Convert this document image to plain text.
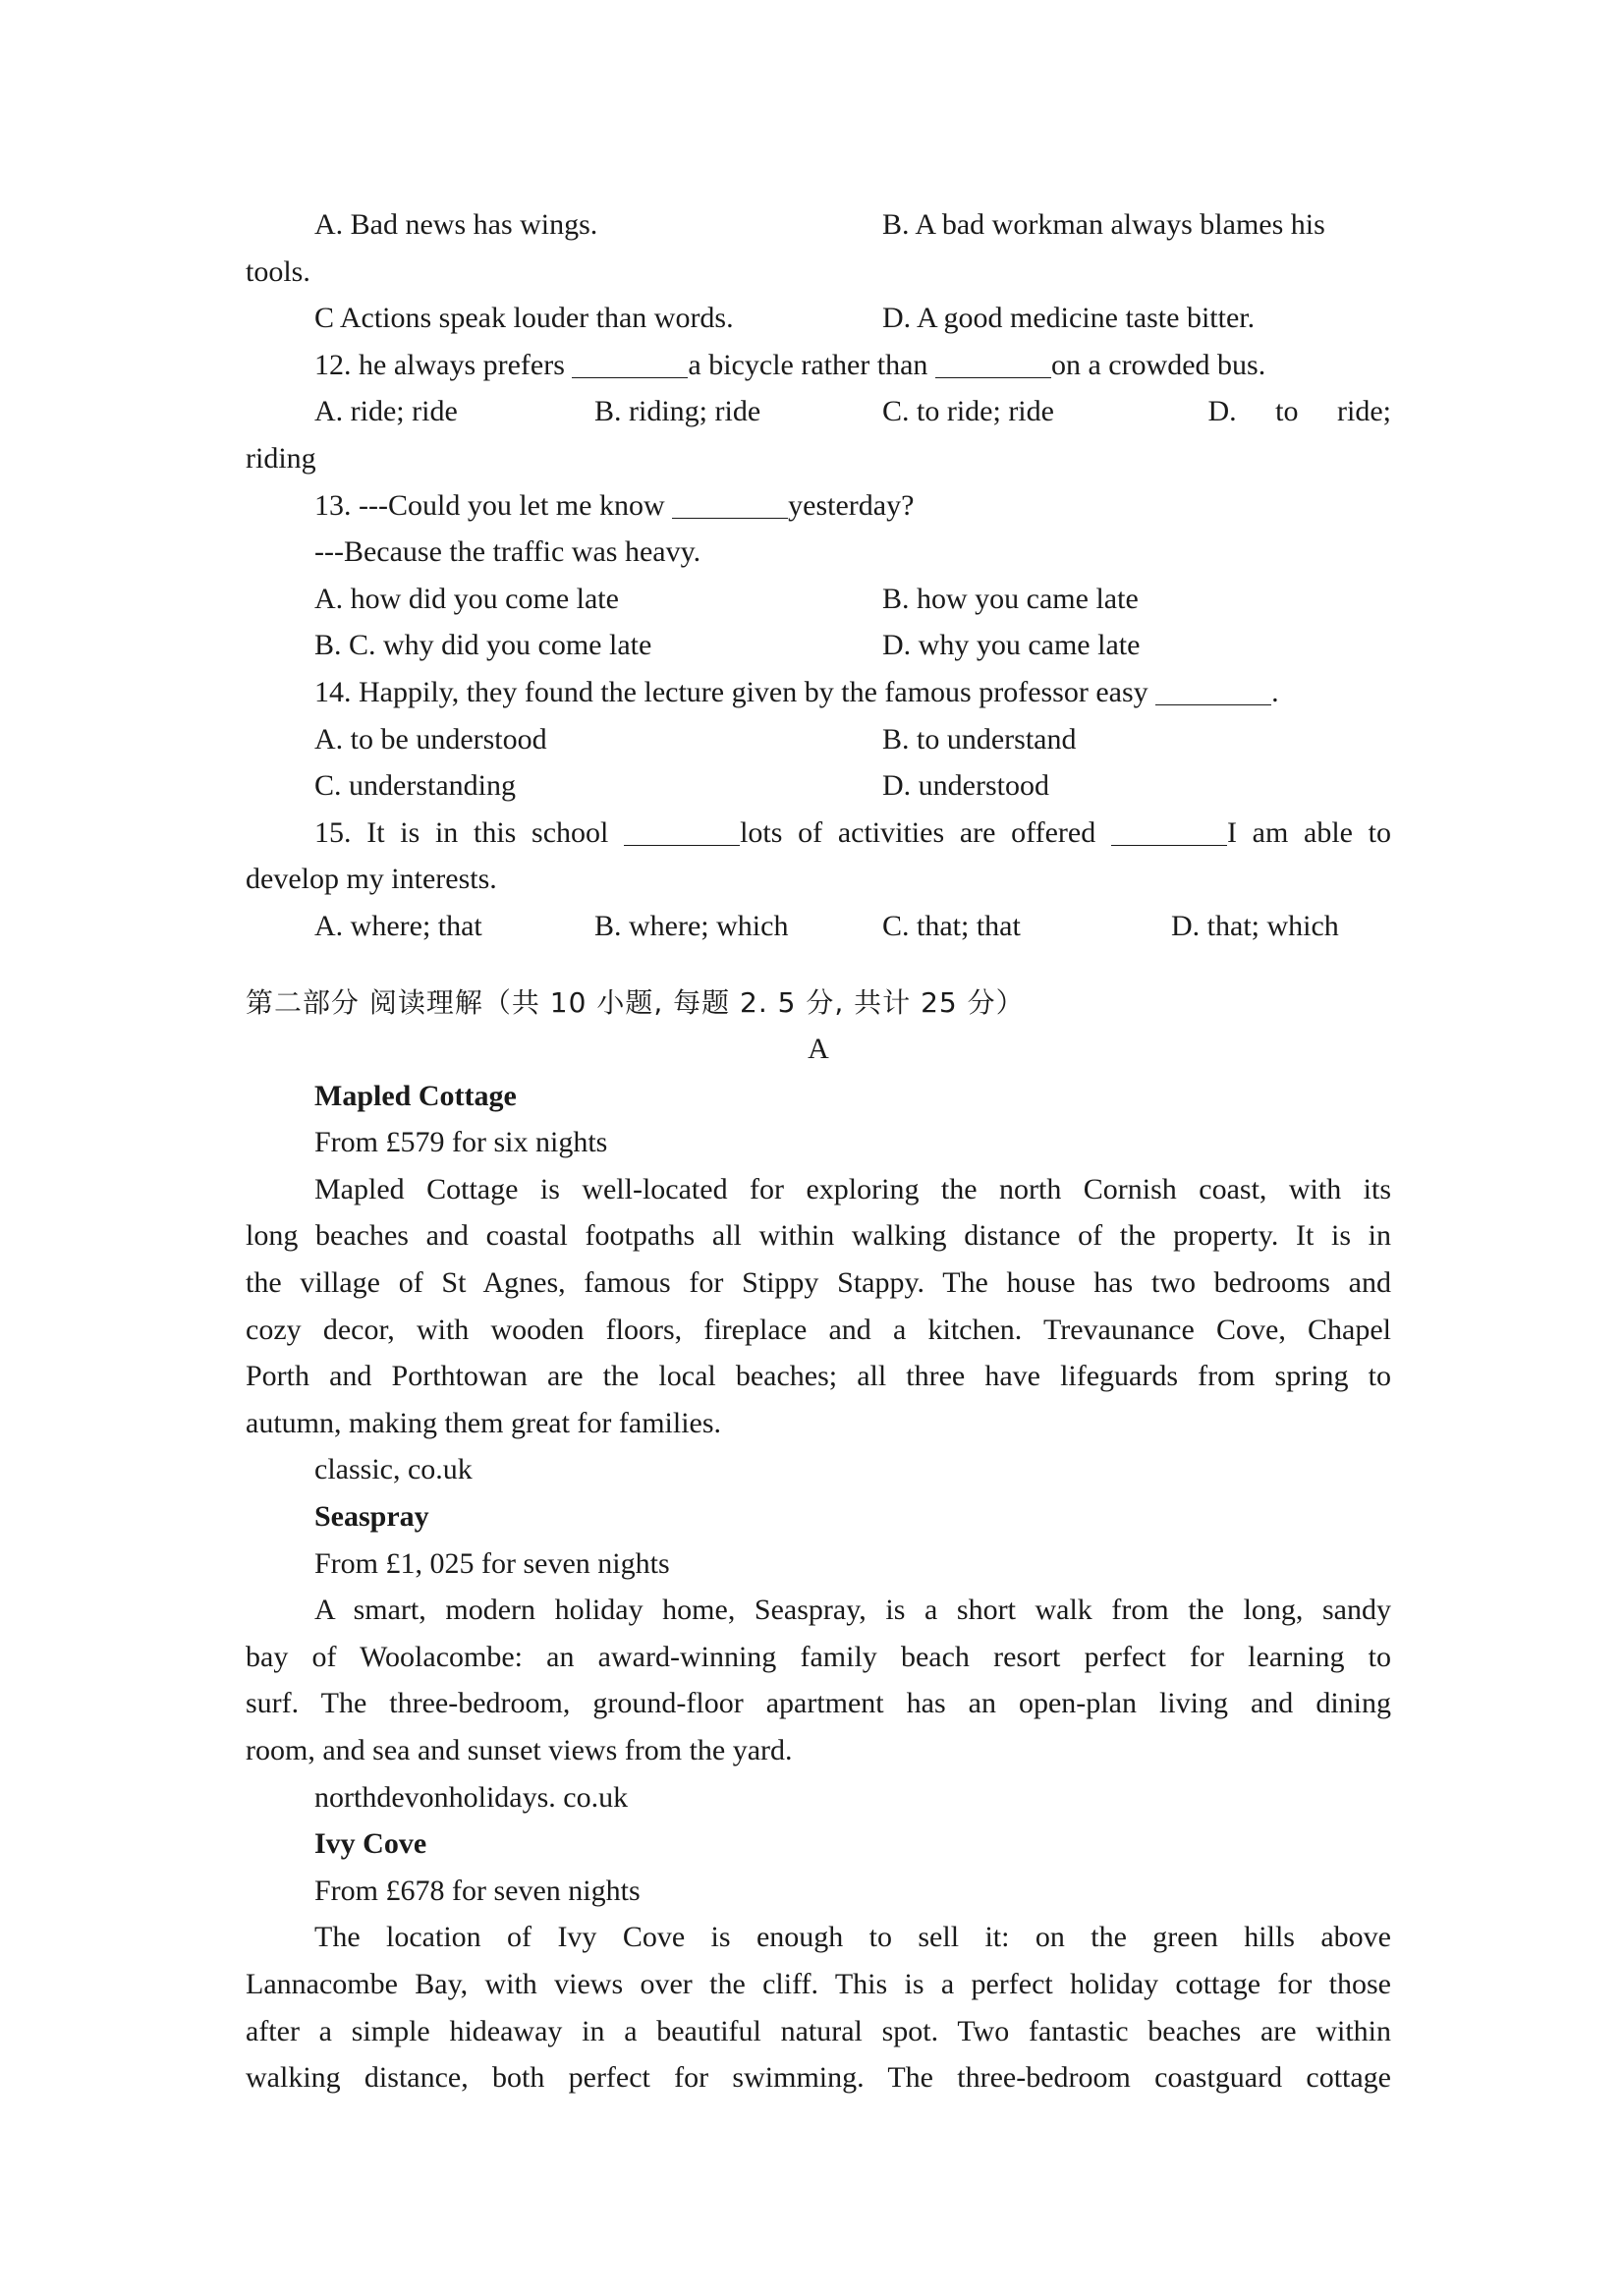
A. Bad news has wings.	B. A bad workman always blames his
tools.
C Actions speak louder than words.	D. A good medicine taste bitter.
12. he always prefers	a bicycle rather than	on a crowded bus.
A. ride; ride	B. riding; ride	C. to ride; ride	D. to ride;
riding
13. ---Could you let me know	yesterday?
---Because the traffic was heavy.
A. how did you come late	B. how you came late
B. C. why did you come late	D. why you came late
14. Happily, they found the lecture given by the famous professor easy	.
A. to be understood	B. to understand
C. understanding	D. understood
15. It is in this school	lots of activities are offered	I am able to
develop my interests.
A. where; that	B. where; which	C. that; that	D. that; which
第二部分 阅读理解（共 10 小题, 每题 2. 5 分, 共计 25 分）
A
Mapled Cottage
From £579 for six nights
Mapled Cottage is well-located for exploring the north Cornish coast, with its
long beaches and coastal footpaths all within walking distance of the property. It is in
the village of St Agnes, famous for Stippy Stappy. The house has two bedrooms and
cozy decor, with wooden floors, fireplace and a kitchen. Trevaunance Cove, Chapel
Porth and Porthtowan are the local beaches; all three have lifeguards from spring to
autumn, making them great for families.
classic, co.uk
Seaspray
From £1, 025 for seven nights
A smart, modern holiday home, Seaspray, is a short walk from the long, sandy
bay of Woolacombe: an award-winning family beach resort perfect for learning to
surf. The three-bedroom, ground-floor apartment has an open-plan living and dining
room, and sea and sunset views from the yard.
northdevonholidays. co.uk
Ivy Cove
From £678 for seven nights
The location of Ivy Cove is enough to sell it: on the green hills above
Lannacombe Bay, with views over the cliff. This is a perfect holiday cottage for those
after a simple hideaway in a beautiful natural spot. Two fantastic beaches are within
walking distance, both perfect for swimming. The three-bedroom coastguard cottage
